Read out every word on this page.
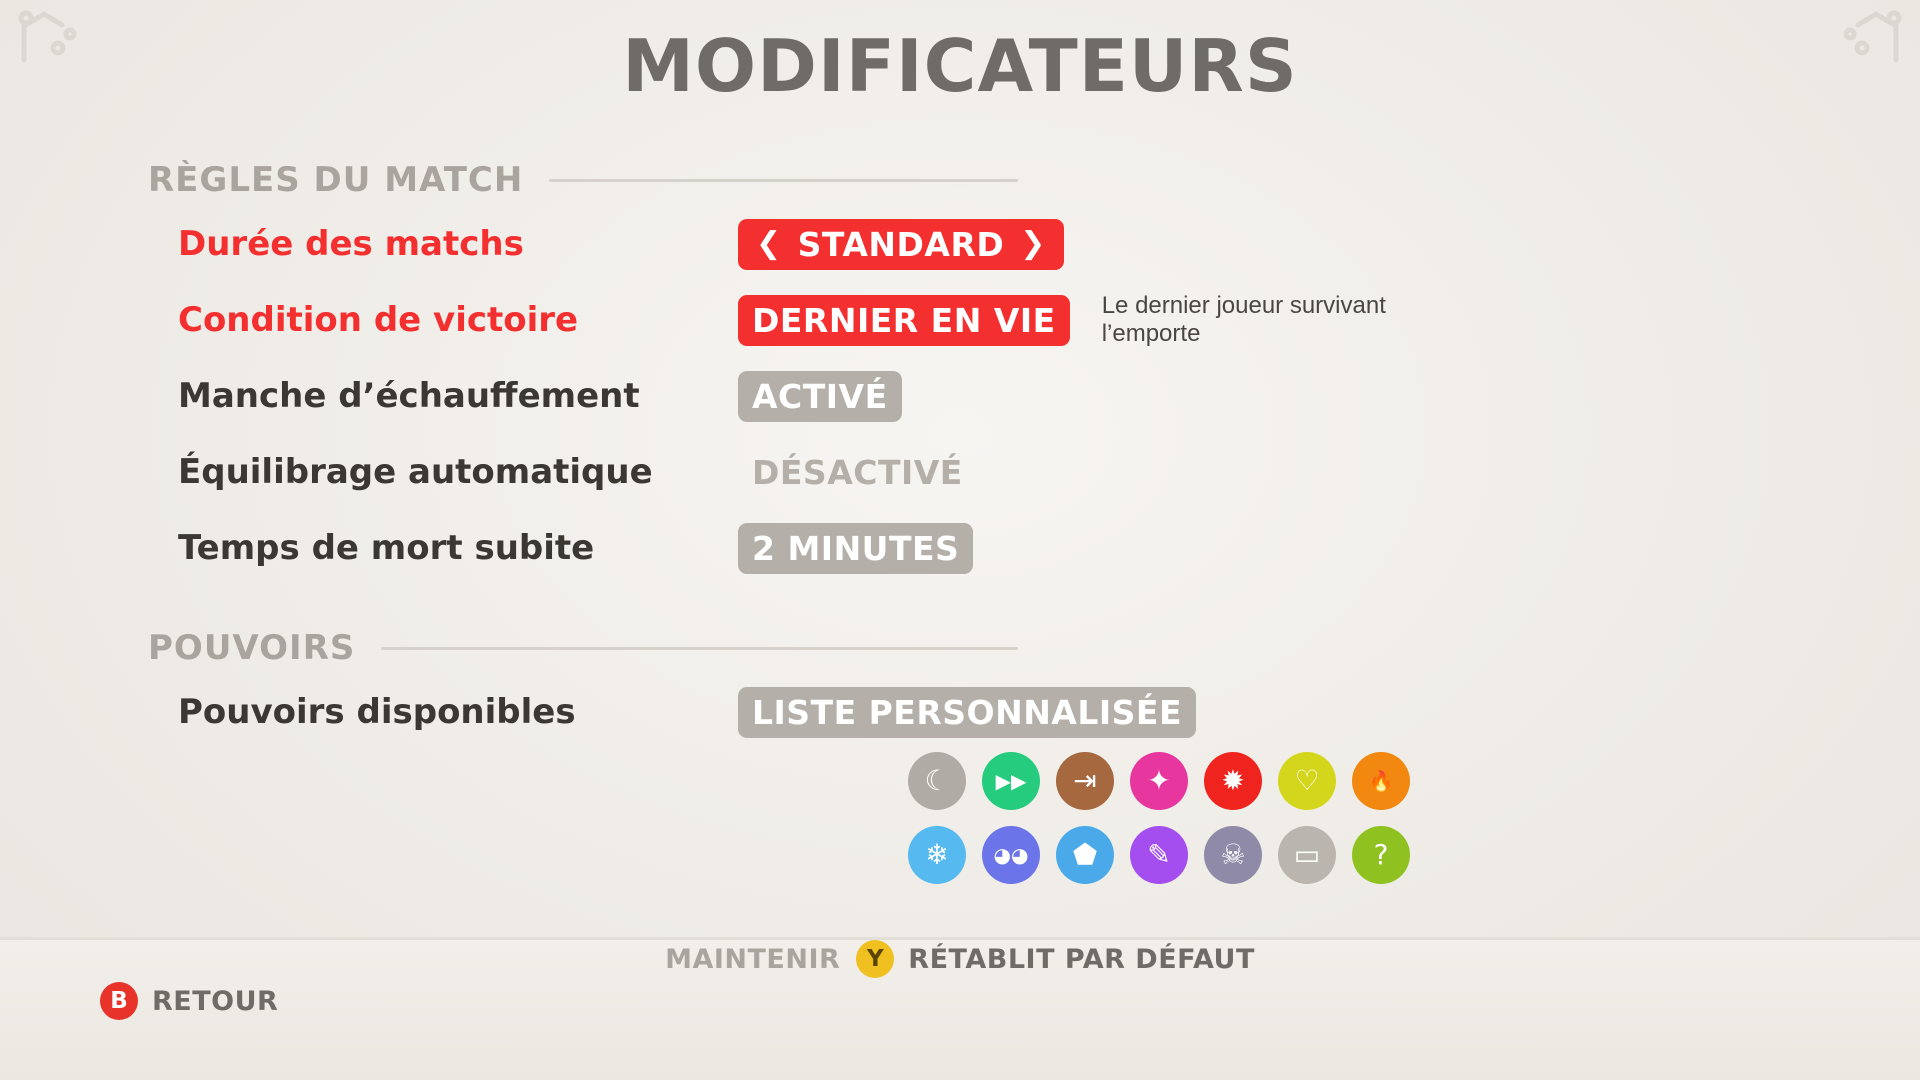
MODIFICATEURS
RÈGLES DU MATCH
Durée des matchs	❮ STANDARD ❯
Condition de victoire	DERNIER EN VIE Le dernier joueur survivant l’emporte
Manche d’échauffement	ACTIVÉ
Équilibrage automatique	DÉSACTIVÉ
Temps de mort subite	2 MINUTES
POUVOIRS
Pouvoirs disponibles	LISTE PERSONNALISÉE
☾	▶▶	⇥	✦	✹	♡	🔥
❄	◕◕	⬟	✎	☠	▭	?
B RETOUR
MAINTENIR	Y RÉTABLIT PAR DÉFAUT
